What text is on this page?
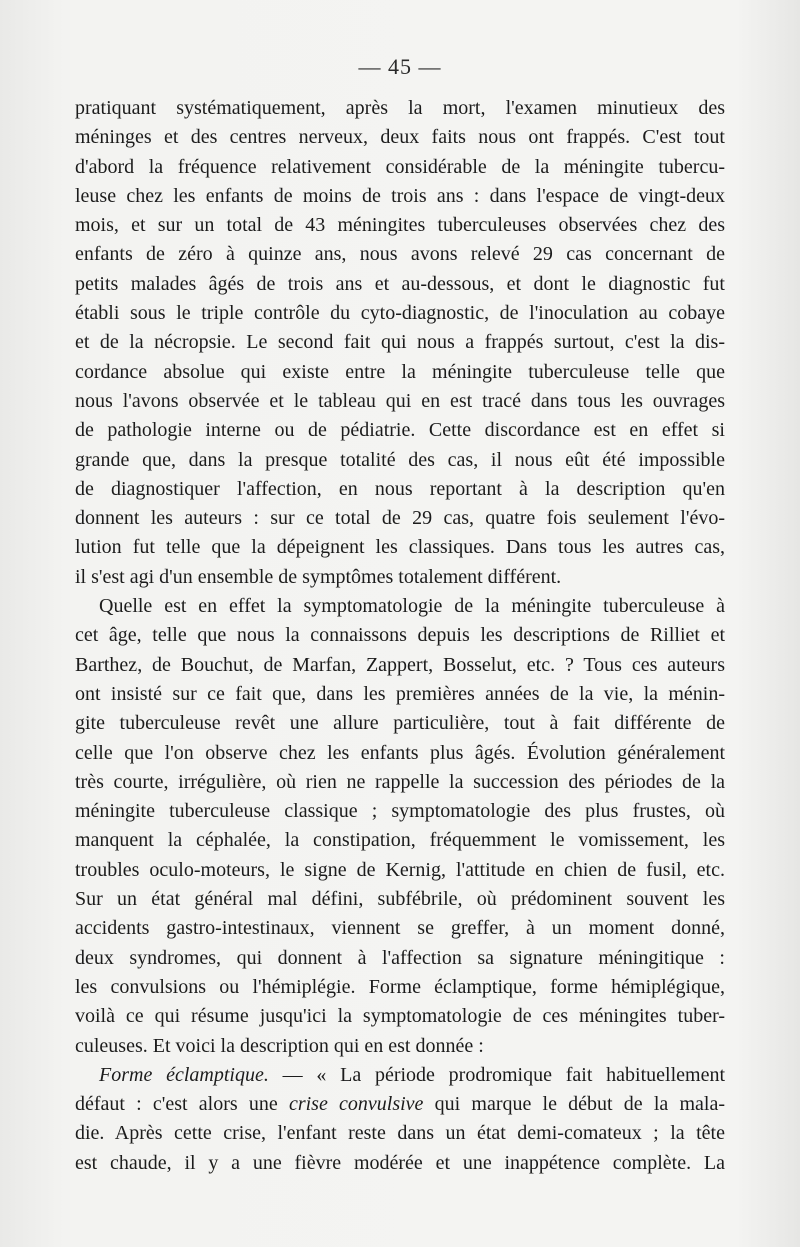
— 45 —

pratiquant systématiquement, après la mort, l'examen minutieux des
méninges et des centres nerveux, deux faits nous ont frappés. C'est tout
d'abord la fréquence relativement considérable de la méningite tubercu-
leuse chez les enfants de moins de trois ans : dans l'espace de vingt-deux
mois, et sur un total de 43 méningites tuberculeuses observées chez des
enfants de zéro à quinze ans, nous avons relevé 29 cas concernant de
petits malades âgés de trois ans et au-dessous, et dont le diagnostic fut
établi sous le triple contrôle du cyto-diagnostic, de l'inoculation au cobaye
et de la nécropsie. Le second fait qui nous a frappés surtout, c'est la dis-
cordance absolue qui existe entre la méningite tuberculeuse telle que
nous l'avons observée et le tableau qui en est tracé dans tous les ouvrages
de pathologie interne ou de pédiatrie. Cette discordance est en effet si
grande que, dans la presque totalité des cas, il nous eût été impossible
de diagnostiquer l'affection, en nous reportant à la description qu'en
donnent les auteurs : sur ce total de 29 cas, quatre fois seulement l'évo-
lution fut telle que la dépeignent les classiques. Dans tous les autres cas,
il s'est agi d'un ensemble de symptômes totalement différent.

Quelle est en effet la symptomatologie de la méningite tuberculeuse à
cet âge, telle que nous la connaissons depuis les descriptions de Rilliet et
Barthez, de Bouchut, de Marfan, Zappert, Bosselut, etc. ? Tous ces auteurs
ont insisté sur ce fait que, dans les premières années de la vie, la ménin-
gite tuberculeuse revêt une allure particulière, tout à fait différente de
celle que l'on observe chez les enfants plus âgés. Évolution généralement
très courte, irrégulière, où rien ne rappelle la succession des périodes de la
méningite tuberculeuse classique ; symptomatologie des plus frustes, où
manquent la céphalée, la constipation, fréquemment le vomissement, les
troubles oculo-moteurs, le signe de Kernig, l'attitude en chien de fusil, etc.
Sur un état général mal défini, subfébrile, où prédominent souvent les
accidents gastro-intestinaux, viennent se greffer, à un moment donné,
deux syndromes, qui donnent à l'affection sa signature méningitique :
les convulsions ou l'hémiplégie. Forme éclamptique, forme hémiplégique,
voilà ce qui résume jusqu'ici la symptomatologie de ces méningites tuber-
culeuses. Et voici la description qui en est donnée :

Forme éclamptique. — « La période prodromique fait habituellement
défaut : c'est alors une crise convulsive qui marque le début de la mala-
die. Après cette crise, l'enfant reste dans un état demi-comateux ; la tête
est chaude, il y a une fièvre modérée et une inappétence complète. La
